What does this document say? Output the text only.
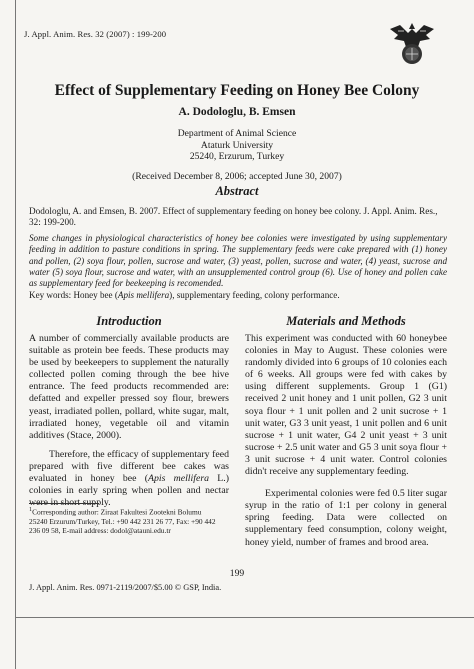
J. Appl. Anim. Res. 32 (2007) : 199-200
Effect of Supplementary Feeding on Honey Bee Colony
A. Dodologlu, B. Emsen
Department of Animal Science
Ataturk University
25240, Erzurum, Turkey
(Received December 8, 2006; accepted June 30, 2007)
Abstract
Dodologlu, A. and Emsen, B. 2007. Effect of supplementary feeding on honey bee colony. J. Appl. Anim. Res.,
32: 199-200.
Some changes in physiological characteristics of honey bee colonies were investigated by using supplementary feeding in addition to pasture conditions in spring. The supplementary feeds were cake prepared with (1) honey and pollen, (2) soya flour, pollen, sucrose and water, (3) yeast, pollen, sucrose and water, (4) yeast, sucrose and water (5) soya flour, sucrose and water, with an unsupplemented control group (6). Use of honey and pollen cake as supplementary feed for beekeeping is recomended.
Key words: Honey bee (Apis mellifera), supplementary feeding, colony performance.
Introduction

A number of commercially available products are suitable as protein bee feeds. These products may be used by beekeepers to supplement the naturally collected pollen coming through the bee hive entrance. The feed products recommended are: defatted and expeller pressed soy flour, brewers yeast, irradiated pollen, pollard, white sugar, malt, irradiated honey, vegetable oil and vitamin additives (Stace, 2000).

Therefore, the efficacy of supplementary feed prepared with five different bee cakes was evaluated in honey bee (Apis mellifera L.) colonies in early spring when pollen and nectar were in short supply.

$^1$Corresponding author: Ziraat Fakultesi Zootekni Bolumu
25240 Erzurum/Turkey, Tel.: +90 442 231 26 77, Fax: +90 442
236 09 58, E-mail address: dodol@atauni.edu.tr
Materials and Methods

This experiment was conducted with 60 honeybee colonies in May to August. These colonies were randomly divided into 6 groups of 10 colonies each of 6 weeks. All groups were fed with cakes by using different supplements. Group 1 (G1) received 2 unit honey and 1 unit pollen, G2 3 unit soya flour + 1 unit pollen and 2 unit sucrose + 1 unit water, G3 3 unit yeast, 1 unit pollen and 6 unit sucrose + 1 unit water, G4 2 unit yeast + 3 unit sucrose + 2.5 unit water and G5 3 unit soya flour + 3 unit sucrose + 4 unit water. Control colonies didn't receive any supplementary feeding.

Experimental colonies were fed 0.5 liter sugar syrup in the ratio of 1:1 per colony in general spring feeding. Data were collected on supplementary feed consumption, colony weight, honey yield, number of frames and brood area.

199
J. Appl. Anim. Res. 0971-2119/2007/$5.00 © GSP, India.
